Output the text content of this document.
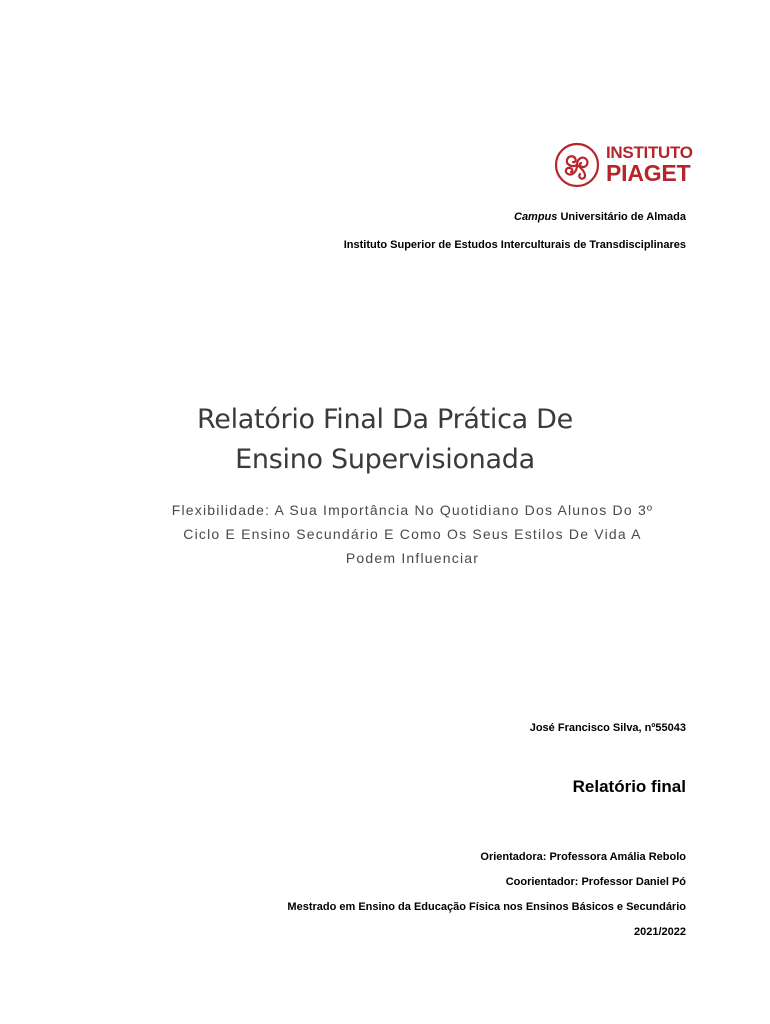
INSTITUTO
PIAGET
Campus Universitário de Almada
Instituto Superior de Estudos Interculturais de Transdisciplinares
Relatório Final Da Prática De
Ensino Supervisionada
Flexibilidade: A Sua Importância No Quotidiano Dos Alunos Do 3º
Ciclo E Ensino Secundário E Como Os Seus Estilos De Vida A
Podem Influenciar
José Francisco Silva, nº55043
Relatório final
Orientadora: Professora Amália Rebolo
Coorientador: Professor Daniel Pó
Mestrado em Ensino da Educação Física nos Ensinos Básicos e Secundário
2021/2022
